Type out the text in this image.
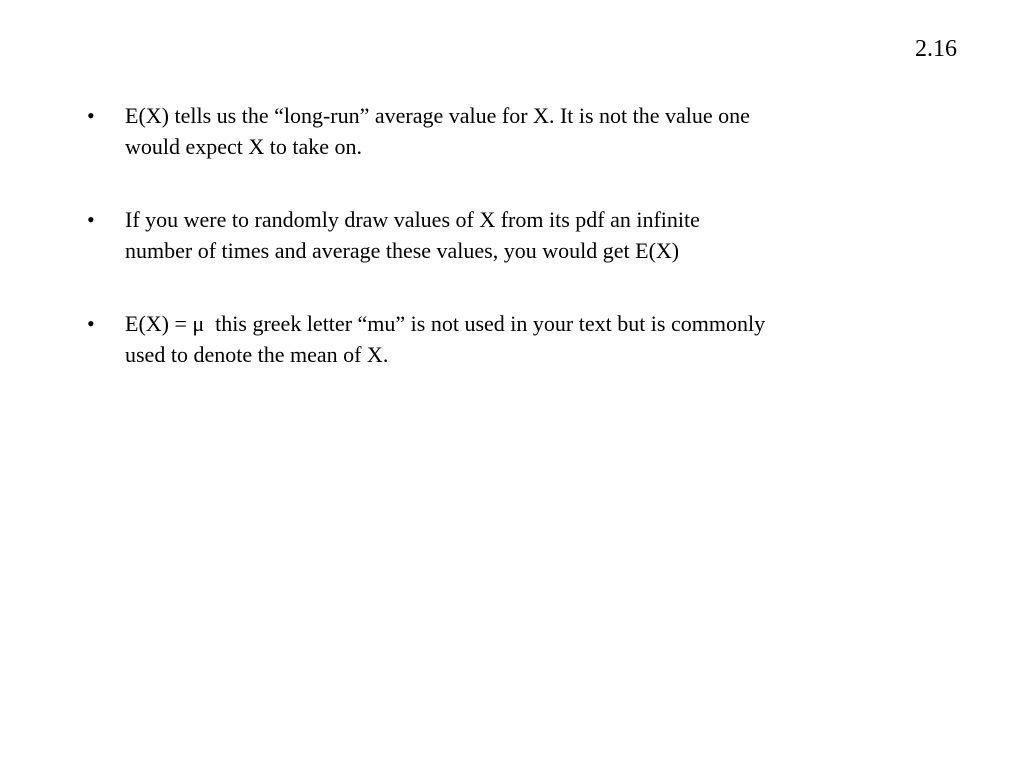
2.16
•	E(X) tells us the “long-run” average value for X. It is not the value one
would expect X to take on.
•	If you were to randomly draw values of X from its pdf an infinite
number of times and average these values, you would get E(X)
•	E(X) = μ  this greek letter “mu” is not used in your text but is commonly
used to denote the mean of X.
